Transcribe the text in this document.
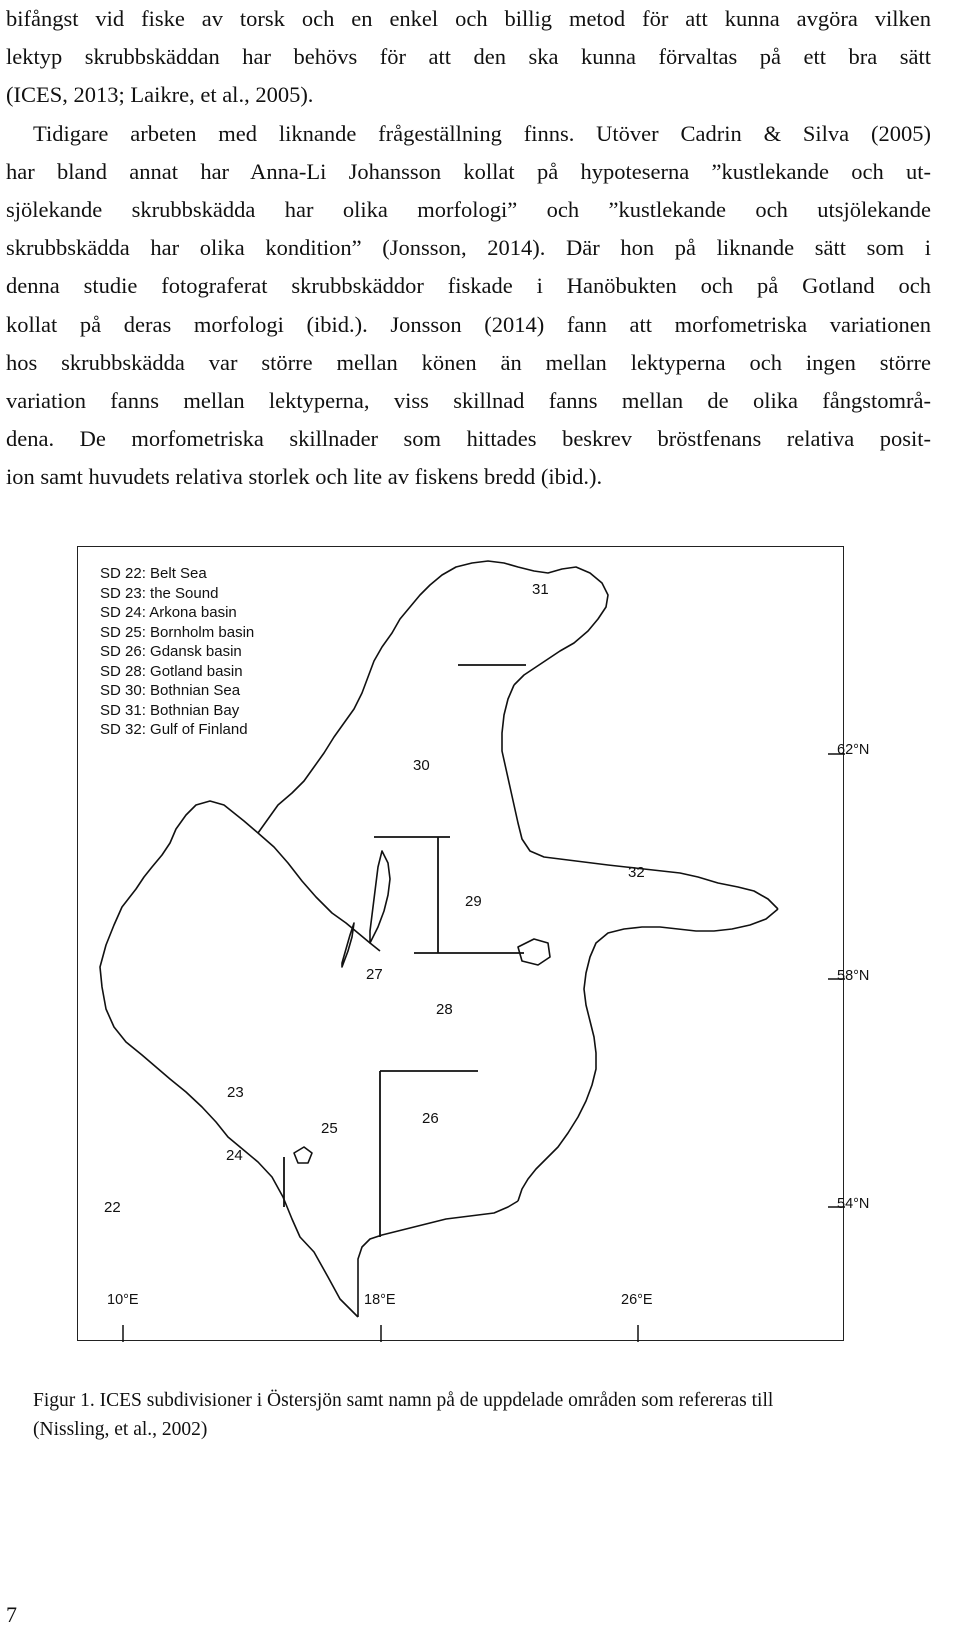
bifångst vid fiske av torsk och en enkel och billig metod för att kunna avgöra vilken
lektyp skrubbskäddan har behövs för att den ska kunna förvaltas på ett bra sätt
(ICES, 2013; Laikre, et al., 2005).
Tidigare arbeten med liknande frågeställning finns. Utöver Cadrin & Silva (2005)
har bland annat har Anna-Li Johansson kollat på hypoteserna ”kustlekande och ut-
sjölekande skrubbskädda har olika morfologi” och ”kustlekande och utsjölekande
skrubbskädda har olika kondition” (Jonsson, 2014). Där hon på liknande sätt som i
denna studie fotograferat skrubbskäddor fiskade i Hanöbukten och på Gotland och
kollat på deras morfologi (ibid.). Jonsson (2014) fann att morfometriska variationen
hos skrubbskädda var större mellan könen än mellan lektyperna och ingen större
variation fanns mellan lektyperna, viss skillnad fanns mellan de olika fångstområ-
dena. De morfometriska skillnader som hittades beskrev bröstfenans relativa posit-
ion samt huvudets relativa storlek och lite av fiskens bredd (ibid.).
31
30
32
29
27
28
23
25
26
24
22
SD 22: Belt Sea
SD 23: the Sound
SD 24: Arkona basin
SD 25: Bornholm basin
SD 26: Gdansk basin
SD 28: Gotland basin
SD 30: Bothnian Sea
SD 31: Bothnian Bay
SD 32: Gulf of Finland
62°N
58°N
54°N
10°E	18°E	26°E
Figur 1. ICES subdivisioner i Östersjön samt namn på de uppdelade områden som refereras till
(Nissling, et al., 2002)
7
